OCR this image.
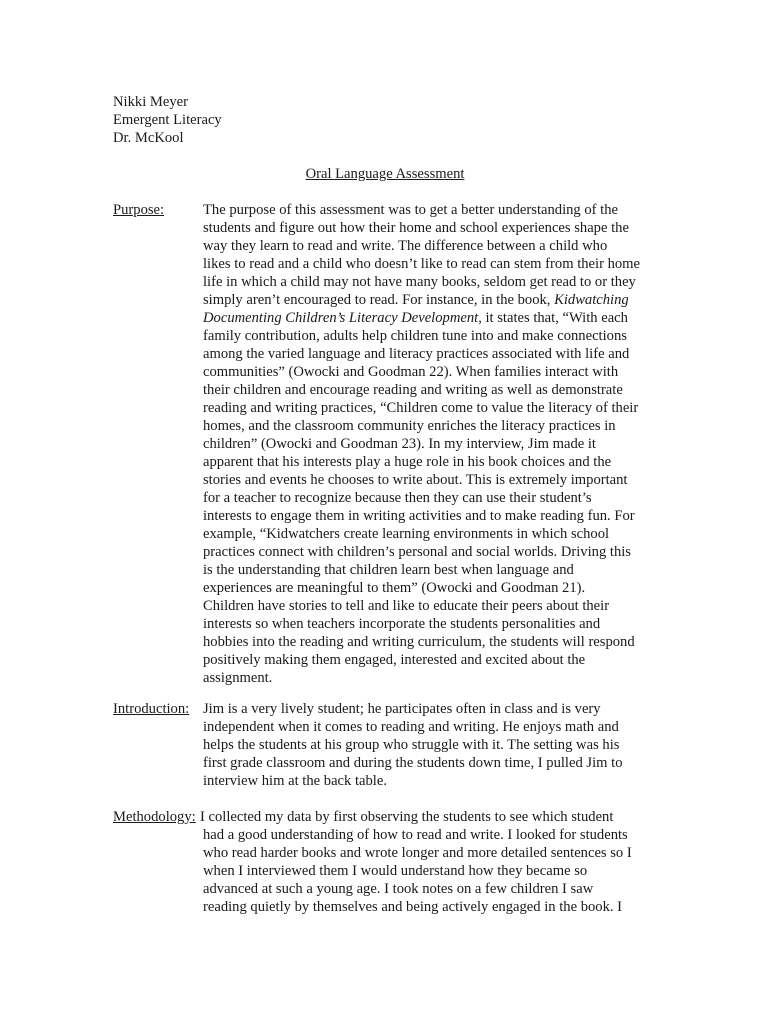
Nikki Meyer
Emergent Literacy
Dr. McKool
Oral Language Assessment
Purpose:	The purpose of this assessment was to get a better understanding of the
students and figure out how their home and school experiences shape the
way they learn to read and write. The difference between a child who
likes to read and a child who doesn’t like to read can stem from their home
life in which a child may not have many books, seldom get read to or they
simply aren’t encouraged to read. For instance, in the book, Kidwatching
Documenting Children’s Literacy Development, it states that, “With each
family contribution, adults help children tune into and make connections
among the varied language and literacy practices associated with life and
communities” (Owocki and Goodman 22). When families interact with
their children and encourage reading and writing as well as demonstrate
reading and writing practices, “Children come to value the literacy of their
homes, and the classroom community enriches the literacy practices in
children” (Owocki and Goodman 23). In my interview, Jim made it
apparent that his interests play a huge role in his book choices and the
stories and events he chooses to write about. This is extremely important
for a teacher to recognize because then they can use their student’s
interests to engage them in writing activities and to make reading fun. For
example, “Kidwatchers create learning environments in which school
practices connect with children’s personal and social worlds. Driving this
is the understanding that children learn best when language and
experiences are meaningful to them” (Owocki and Goodman 21).
Children have stories to tell and like to educate their peers about their
interests so when teachers incorporate the students personalities and
hobbies into the reading and writing curriculum, the students will respond
positively making them engaged, interested and excited about the
assignment.
Introduction: Jim is a very lively student; he participates often in class and is very
independent when it comes to reading and writing. He enjoys math and
helps the students at his group who struggle with it. The setting was his
first grade classroom and during the students down time, I pulled Jim to
interview him at the back table.
Methodology: I collected my data by first observing the students to see which student
had a good understanding of how to read and write. I looked for students
who read harder books and wrote longer and more detailed sentences so I
when I interviewed them I would understand how they became so
advanced at such a young age. I took notes on a few children I saw
reading quietly by themselves and being actively engaged in the book. I
